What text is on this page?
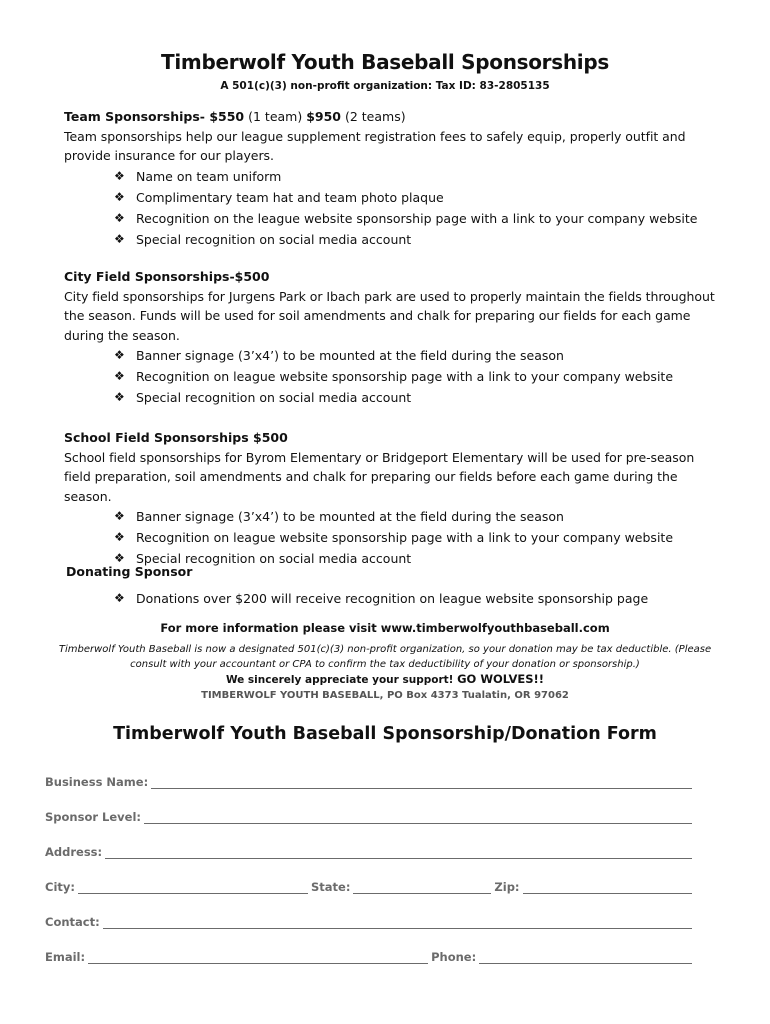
Timberwolf Youth Baseball Sponsorships
A 501(c)(3) non-profit organization: Tax ID: 83-2805135
Team Sponsorships- $550 (1 team) $950 (2 teams)
Team sponsorships help our league supplement registration fees to safely equip, properly outfit and provide insurance for our players.
❖ Name on team uniform
❖ Complimentary team hat and team photo plaque
❖ Recognition on the league website sponsorship page with a link to your company website
❖ Special recognition on social media account
City Field Sponsorships-$500
City field sponsorships for Jurgens Park or Ibach park are used to properly maintain the fields throughout the season. Funds will be used for soil amendments and chalk for preparing our fields for each game during the season.
❖ Banner signage (3’x4’) to be mounted at the field during the season
❖ Recognition on league website sponsorship page with a link to your company website
❖ Special recognition on social media account
School Field Sponsorships $500
School field sponsorships for Byrom Elementary or Bridgeport Elementary will be used for pre-season field preparation, soil amendments and chalk for preparing our fields before each game during the season.
❖ Banner signage (3’x4’) to be mounted at the field during the season
❖ Recognition on league website sponsorship page with a link to your company website
❖ Special recognition on social media account
Donating Sponsor
❖ Donations over $200 will receive recognition on league website sponsorship page
For more information please visit www.timberwolfyouthbaseball.com
Timberwolf Youth Baseball is now a designated 501(c)(3) non-profit organization, so your donation may be tax deductible. (Please consult with your accountant or CPA to confirm the tax deductibility of your donation or sponsorship.)
We sincerely appreciate your support! GO WOLVES!!
TIMBERWOLF YOUTH BASEBALL, PO Box 4373 Tualatin, OR 97062
Timberwolf Youth Baseball Sponsorship/Donation Form
Business Name:
Sponsor Level:
Address:
City:	State:	Zip:
Contact:
Email:	Phone:
